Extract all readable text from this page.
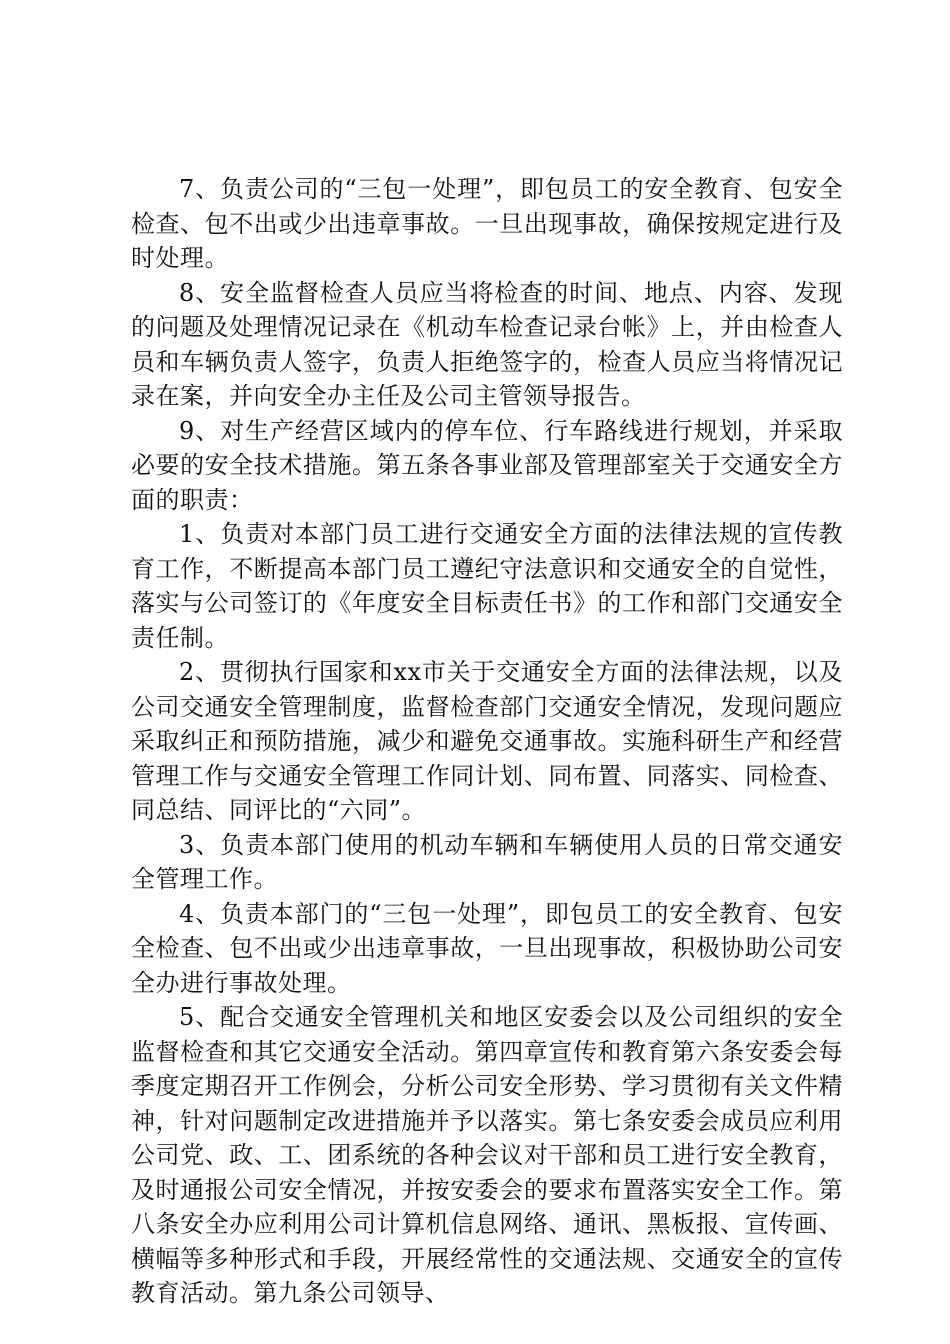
7、负责公司的“三包一处理”，即包员工的安全教育、包安全检查、包不出或少出违章事故。一旦出现事故，确保按规定进行及时处理。

8、安全监督检查人员应当将检查的时间、地点、内容、发现的问题及处理情况记录在《机动车检查记录台帐》上，并由检查人员和车辆负责人签字，负责人拒绝签字的，检查人员应当将情况记录在案，并向安全办主任及公司主管领导报告。

9、对生产经营区域内的停车位、行车路线进行规划，并采取必要的安全技术措施。第五条各事业部及管理部室关于交通安全方面的职责：

1、负责对本部门员工进行交通安全方面的法律法规的宣传教育工作，不断提高本部门员工遵纪守法意识和交通安全的自觉性，落实与公司签订的《年度安全目标责任书》的工作和部门交通安全责任制。

2、贯彻执行国家和xx市关于交通安全方面的法律法规，以及公司交通安全管理制度，监督检查部门交通安全情况，发现问题应采取纠正和预防措施，减少和避免交通事故。实施科研生产和经营管理工作与交通安全管理工作同计划、同布置、同落实、同检查、同总结、同评比的“六同”。

3、负责本部门使用的机动车辆和车辆使用人员的日常交通安全管理工作。

4、负责本部门的“三包一处理”，即包员工的安全教育、包安全检查、包不出或少出违章事故，一旦出现事故，积极协助公司安全办进行事故处理。

5、配合交通安全管理机关和地区安委会以及公司组织的安全监督检查和其它交通安全活动。第四章宣传和教育第六条安委会每季度定期召开工作例会，分析公司安全形势、学习贯彻有关文件精神，针对问题制定改进措施并予以落实。第七条安委会成员应利用公司党、政、工、团系统的各种会议对干部和员工进行安全教育，及时通报公司安全情况，并按安委会的要求布置落实安全工作。第八条安全办应利用公司计算机信息网络、通讯、黑板报、宣传画、横幅等多种形式和手段，开展经常性的交通法规、交通安全的宣传教育活动。第九条公司领导、
